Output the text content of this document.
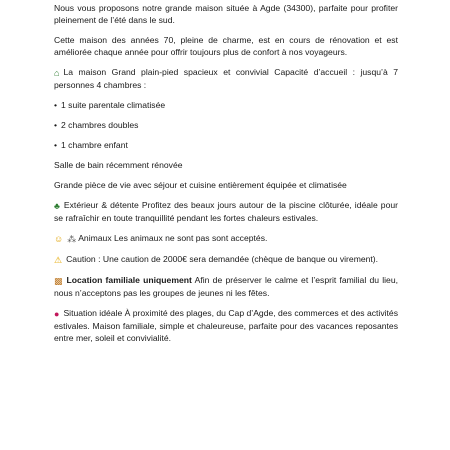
Nous vous proposons notre grande maison située à Agde (34300), parfaite pour profiter pleinement de l’été dans le sud.

Cette maison des années 70, pleine de charme, est en cours de rénovation et est améliorée chaque année pour offrir toujours plus de confort à nos voyageurs.

⌂ La maison Grand plain-pied spacieux et convivial Capacité d’accueil : jusqu’à 7 personnes 4 chambres :

• 1 suite parentale climatisée

• 2 chambres doubles

• 1 chambre enfant

Salle de bain récemment rénovée

Grande pièce de vie avec séjour et cuisine entièrement équipée et climatisée

♣ Extérieur & détente Profitez des beaux jours autour de la piscine clôturée, idéale pour se rafraîchir en toute tranquillité pendant les fortes chaleurs estivales.

☺ ⁂ Animaux Les animaux ne sont pas sont acceptés.

⚠ Caution : Une caution de 2000€ sera demandée (chèque de banque ou virement).

▩ Location familiale uniquement Afin de préserver le calme et l’esprit familial du lieu, nous n’acceptons pas les groupes de jeunes ni les fêtes.

● Situation idéale À proximité des plages, du Cap d’Agde, des commerces et des activités estivales. Maison familiale, simple et chaleureuse, parfaite pour des vacances reposantes entre mer, soleil et convivialité.
